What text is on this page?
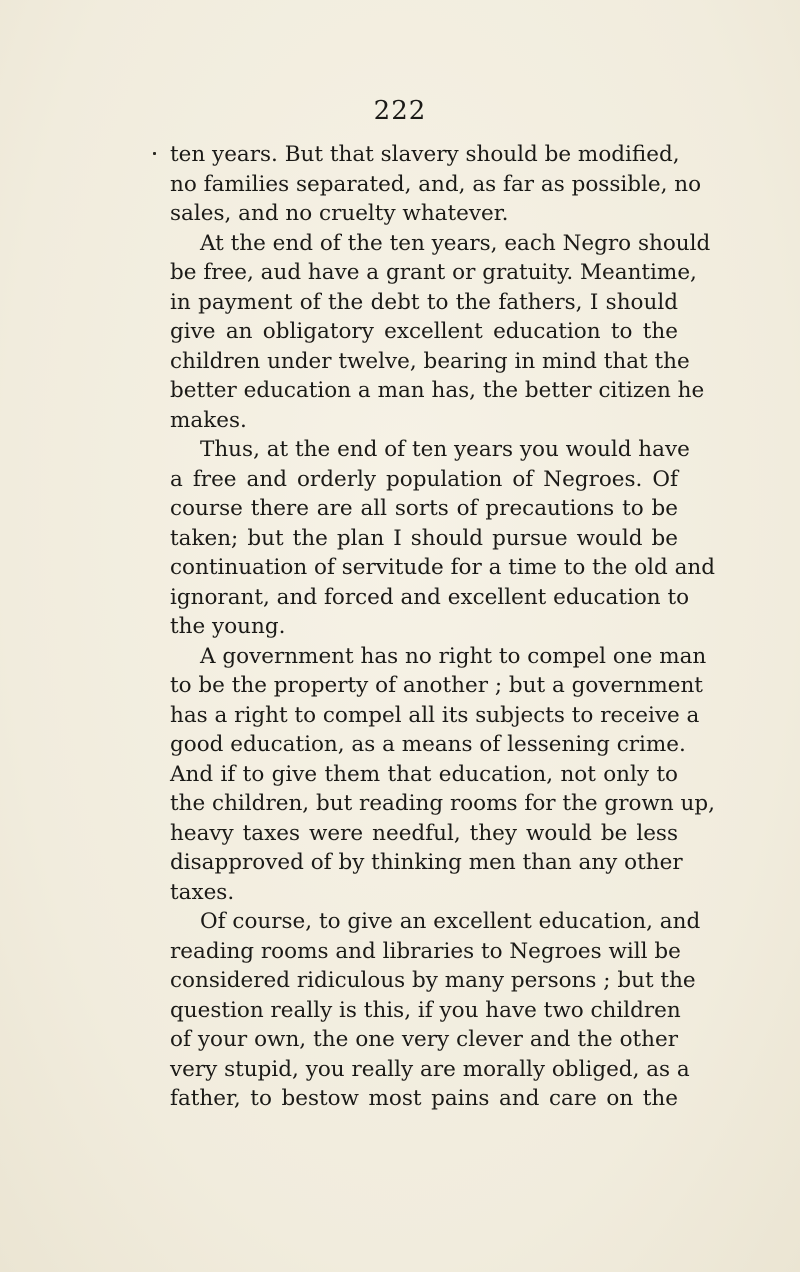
222
ten years. But that slavery should be modified,
no families separated, and, as far as possible, no
sales, and no cruelty whatever.
At the end of the ten years, each Negro should
be free, aud have a grant or gratuity. Meantime,
in payment of the debt to the fathers, I should
give an obligatory excellent education to the
children under twelve, bearing in mind that the
better education a man has, the better citizen he
makes.
Thus, at the end of ten years you would have
a free and orderly population of Negroes. Of
course there are all sorts of precautions to be
taken; but the plan I should pursue would be
continuation of servitude for a time to the old and
ignorant, and forced and excellent education to
the young.
A government has no right to compel one man
to be the property of another ; but a government
has a right to compel all its subjects to receive a
good education, as a means of lessening crime.
And if to give them that education, not only to
the children, but reading rooms for the grown up,
heavy taxes were needful, they would be less
disapproved of by thinking men than any other
taxes.
Of course, to give an excellent education, and
reading rooms and libraries to Negroes will be
considered ridiculous by many persons ; but the
question really is this, if you have two children
of your own, the one very clever and the other
very stupid, you really are morally obliged, as a
father, to bestow most pains and care on the
